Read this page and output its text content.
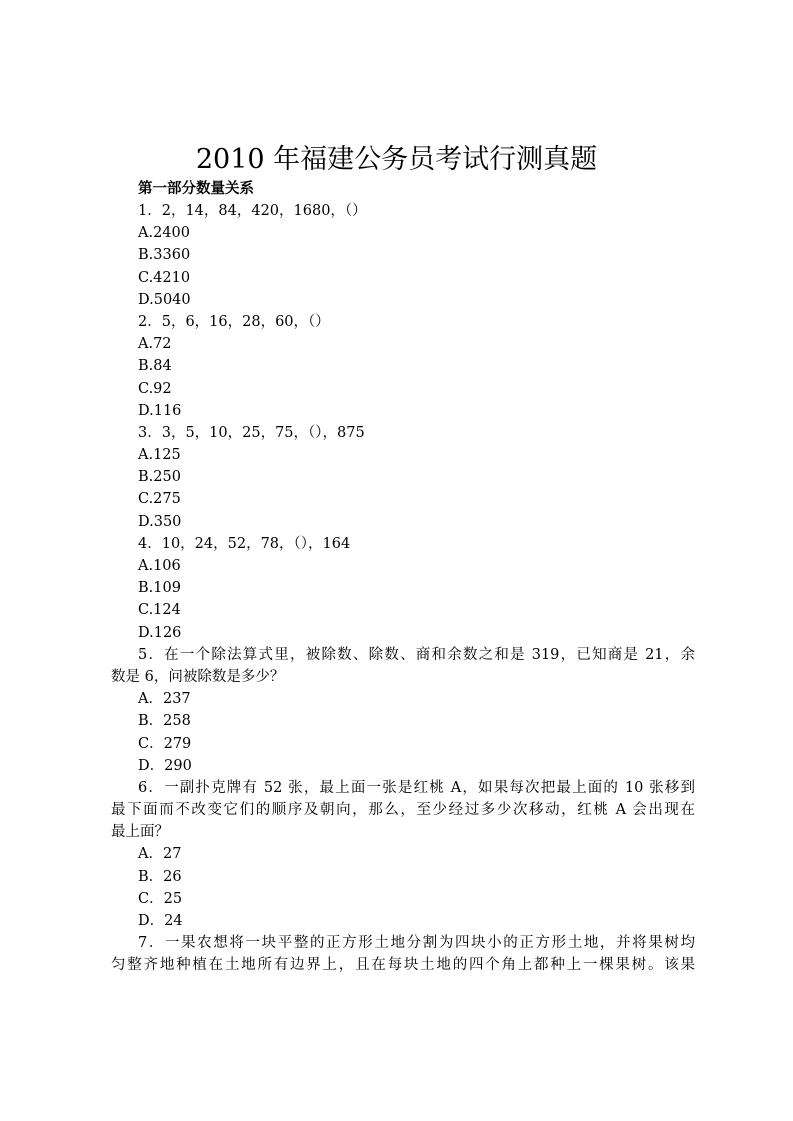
2010 年福建公务员考试行测真题
第一部分数量关系
1．2，14，84，420，1680，（）
A.2400
B.3360
C.4210
D.5040
2．5，6，16，28，60，（）
A.72
B.84
C.92
D.116
3．3，5，10，25，75，（），875
A.125
B.250
C.275
D.350
4．10，24，52，78，（），164
A.106
B.109
C.124
D.126
5．在一个除法算式里，被除数、除数、商和余数之和是 319，已知商是 21，余
数是 6，问被除数是多少？
A．237
B．258
C．279
D．290
6．一副扑克牌有 52 张，最上面一张是红桃 A，如果每次把最上面的 10 张移到
最下面而不改变它们的顺序及朝向，那么，至少经过多少次移动，红桃 A 会出现在
最上面？
A．27
B．26
C．25
D．24
7．一果农想将一块平整的正方形土地分割为四块小的正方形土地，并将果树均
匀整齐地种植在土地所有边界上，且在每块土地的四个角上都种上一棵果树。该果
